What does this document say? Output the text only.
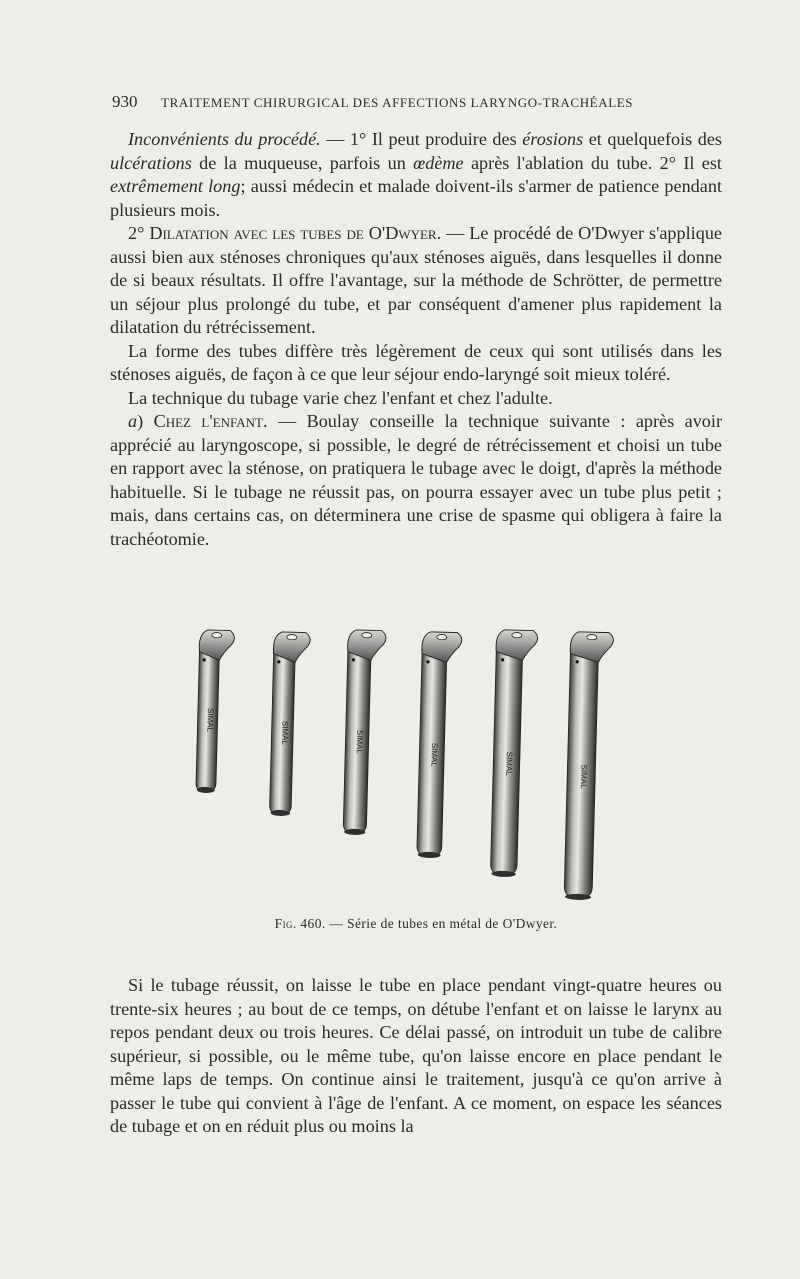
930 TRAITEMENT CHIRURGICAL DES AFFECTIONS LARYNGO-TRACHÉALES

Inconvénients du procédé. — 1° Il peut produire des érosions et quelquefois des ulcérations de la muqueuse, parfois un œdème après l'ablation du tube. 2° Il est extrêmement long; aussi médecin et malade doivent-ils s'armer de patience pendant plusieurs mois.

2° Dilatation avec les tubes de O'Dwyer. — Le procédé de O'Dwyer s'applique aussi bien aux sténoses chroniques qu'aux sténoses aiguës, dans lesquelles il donne de si beaux résultats. Il offre l'avantage, sur la méthode de Schrötter, de permettre un séjour plus prolongé du tube, et par conséquent d'amener plus rapidement la dilatation du rétrécissement.

La forme des tubes diffère très légèrement de ceux qui sont utilisés dans les sténoses aiguës, de façon à ce que leur séjour endo-laryngé soit mieux toléré.

La technique du tubage varie chez l'enfant et chez l'adulte.

a) Chez l'enfant. — Boulay conseille la technique suivante : après avoir apprécié au laryngoscope, si possible, le degré de rétrécissement et choisi un tube en rapport avec la sténose, on pratiquera le tubage avec le doigt, d'après la méthode habituelle. Si le tubage ne réussit pas, on pourra essayer avec un tube plus petit ; mais, dans certains cas, on déterminera une crise de spasme qui obligera à faire la trachéotomie.

SIMAL
SIMAL	SIMAL
SIMAL	SIMAL
SIMAL
Fig. 460. — Série de tubes en métal de O'Dwyer.

Si le tubage réussit, on laisse le tube en place pendant vingt-quatre heures ou trente-six heures ; au bout de ce temps, on détube l'enfant et on laisse le larynx au repos pendant deux ou trois heures. Ce délai passé, on introduit un tube de calibre supérieur, si possible, ou le même tube, qu'on laisse encore en place pendant le même laps de temps. On continue ainsi le traitement, jusqu'à ce qu'on arrive à passer le tube qui convient à l'âge de l'enfant. A ce moment, on espace les séances de tubage et on en réduit plus ou moins la
